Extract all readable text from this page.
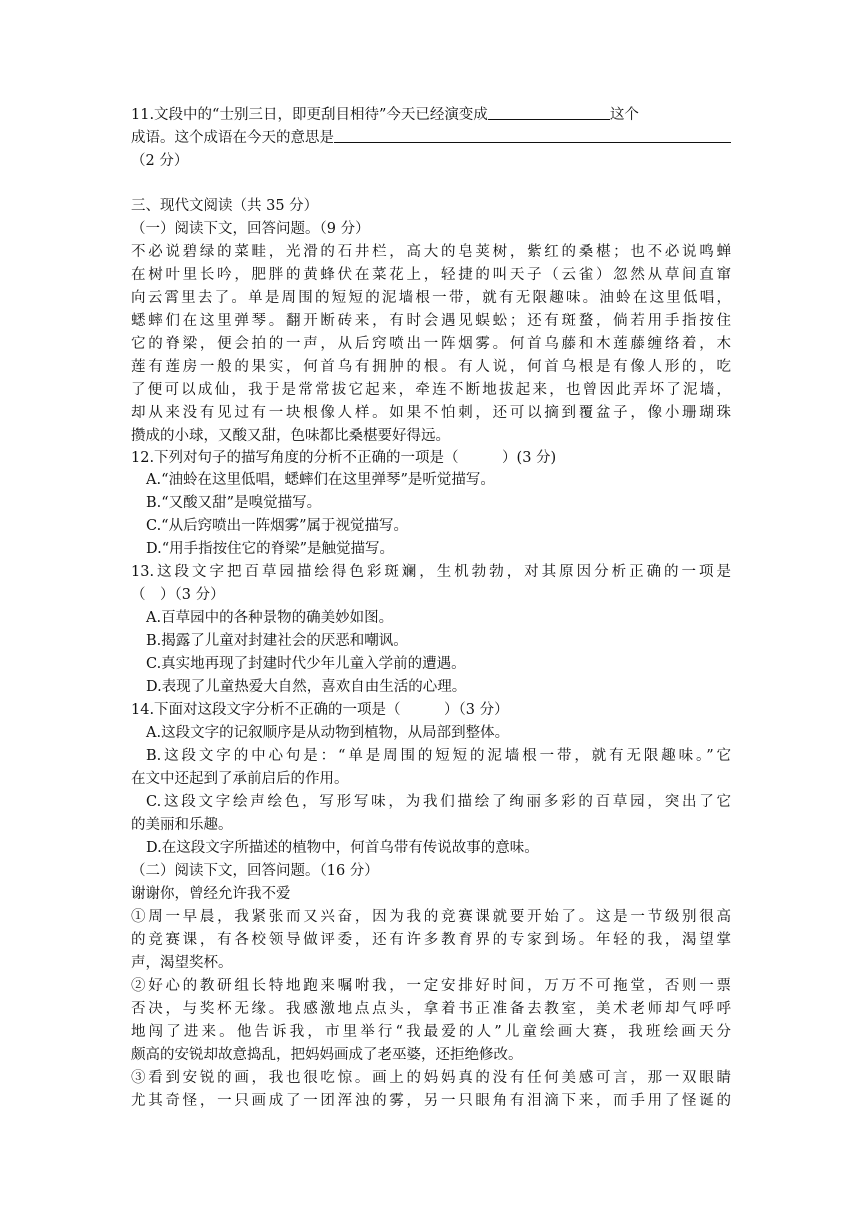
11.文段中的“士别三日，即更刮目相待”今天已经演变成	这个
成语。这个成语在今天的意思是
（2 分）
三、现代文阅读（共 35 分）
（一）阅读下文，回答问题。（9 分）
不必说碧绿的菜畦，光滑的石井栏，高大的皂荚树，紫红的桑椹；也不必说鸣蝉
在树叶里长吟，肥胖的黄蜂伏在菜花上，轻捷的叫天子（云雀）忽然从草间直窜
向云霄里去了。单是周围的短短的泥墙根一带，就有无限趣味。油蛉在这里低唱，
蟋蟀们在这里弹琴。翻开断砖来，有时会遇见蜈蚣；还有斑蝥，倘若用手指按住
它的脊梁，便会拍的一声，从后窍喷出一阵烟雾。何首乌藤和木莲藤缠络着，木
莲有莲房一般的果实，何首乌有拥肿的根。有人说，何首乌根是有像人形的，吃
了便可以成仙，我于是常常拔它起来，牵连不断地拔起来，也曾因此弄坏了泥墙，
却从来没有见过有一块根像人样。如果不怕刺，还可以摘到覆盆子，像小珊瑚珠
攒成的小球，又酸又甜，色味都比桑椹要好得远。
12.下列对句子的描写角度的分析不正确的一项是（　　　）(3 分)
A.“油蛉在这里低唱，蟋蟀们在这里弹琴”是听觉描写。
B.“又酸又甜”是嗅觉描写。
C.“从后窍喷出一阵烟雾”属于视觉描写。
D.“用手指按住它的脊梁”是触觉描写。
13.这段文字把百草园描绘得色彩斑斓，生机勃勃，对其原因分析正确的一项是
（　）（3 分）
A.百草园中的各种景物的确美妙如图。
B.揭露了儿童对封建社会的厌恶和嘲讽。
C.真实地再现了封建时代少年儿童入学前的遭遇。
D.表现了儿童热爱大自然，喜欢自由生活的心理。
14.下面对这段文字分析不正确的一项是（　　　）（3 分）
A.这段文字的记叙顺序是从动物到植物，从局部到整体。
B.这段文字的中心句是：“单是周围的短短的泥墙根一带，就有无限趣味。”它
在文中还起到了承前启后的作用。
C.这段文字绘声绘色，写形写味，为我们描绘了绚丽多彩的百草园，突出了它
的美丽和乐趣。
D.在这段文字所描述的植物中，何首乌带有传说故事的意味。
（二）阅读下文，回答问题。（16 分）
谢谢你，曾经允许我不爱
①周一早晨，我紧张而又兴奋，因为我的竞赛课就要开始了。这是一节级别很高
的竞赛课，有各校领导做评委，还有许多教育界的专家到场。年轻的我，渴望掌
声，渴望奖杯。
②好心的教研组长特地跑来嘱咐我，一定安排好时间，万万不可拖堂，否则一票
否决，与奖杯无缘。我感激地点点头，拿着书正准备去教室，美术老师却气呼呼
地闯了进来。他告诉我，市里举行“我最爱的人”儿童绘画大赛，我班绘画天分
颇高的安锐却故意捣乱，把妈妈画成了老巫婆，还拒绝修改。
③看到安锐的画，我也很吃惊。画上的妈妈真的没有任何美感可言，那一双眼睛
尤其奇怪，一只画成了一团浑浊的雾，另一只眼角有泪滴下来，而手用了怪诞的
